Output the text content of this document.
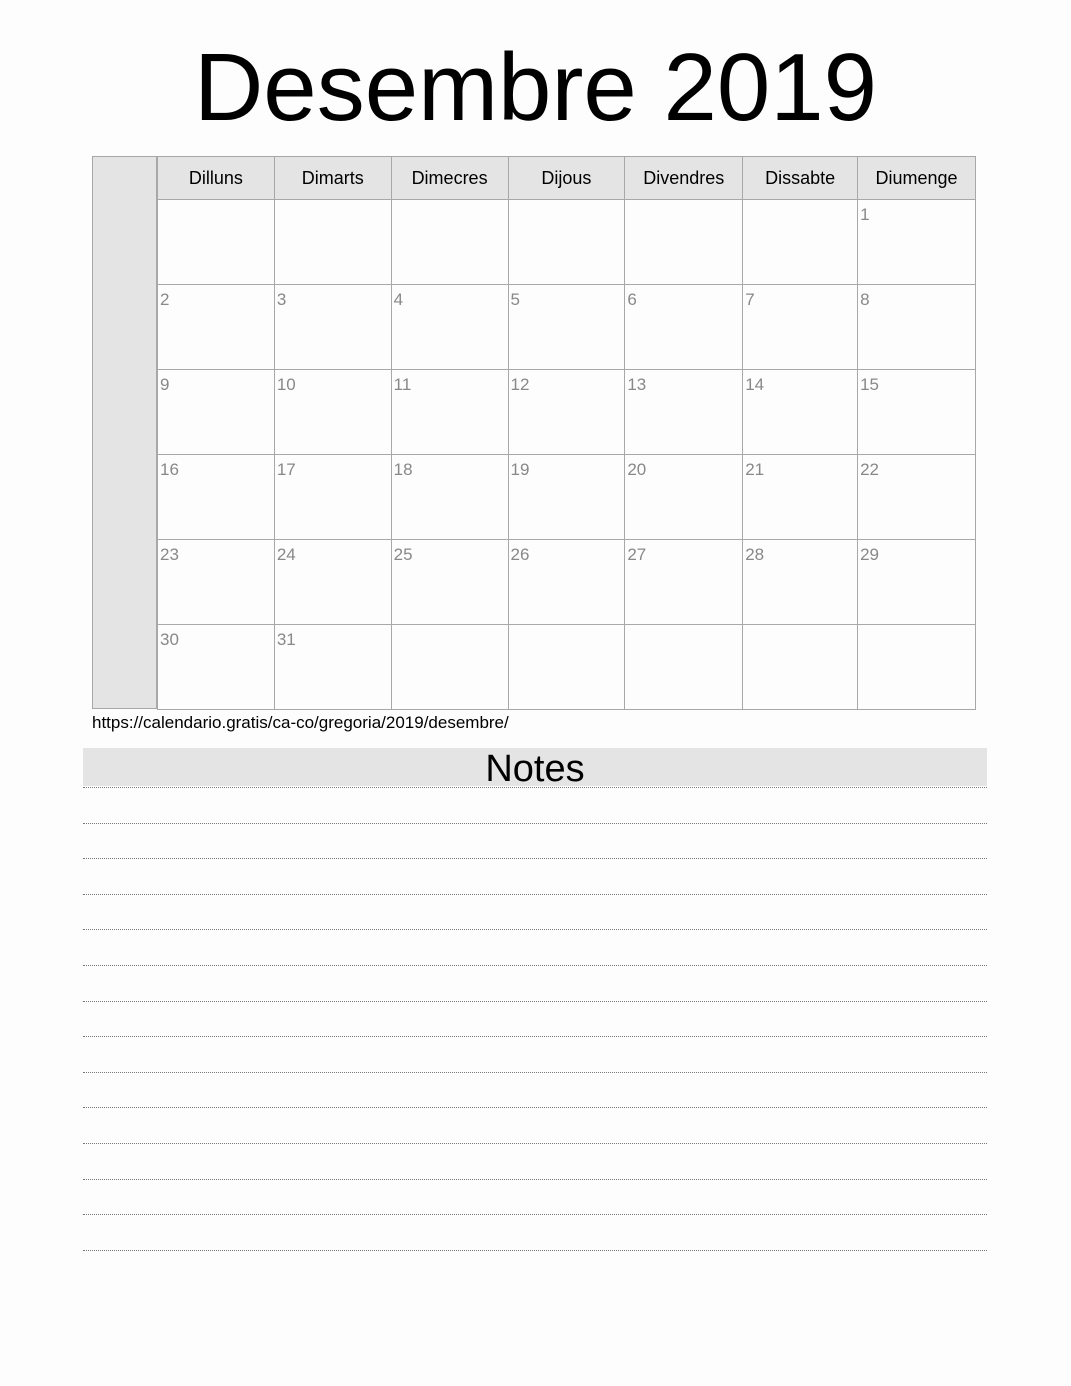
Desembre 2019
Dilluns	Dimarts	Dimecres	Dijous	Divendres	Dissabte	Diumenge

						1

2	3	4	5	6	7	8

9	10	11	12	13	14	15

16	17	18	19	20	21	22

23	24	25	26	27	28	29

30	31					

https://calendario.gratis/ca-co/gregoria/2019/desembre/
Notes
